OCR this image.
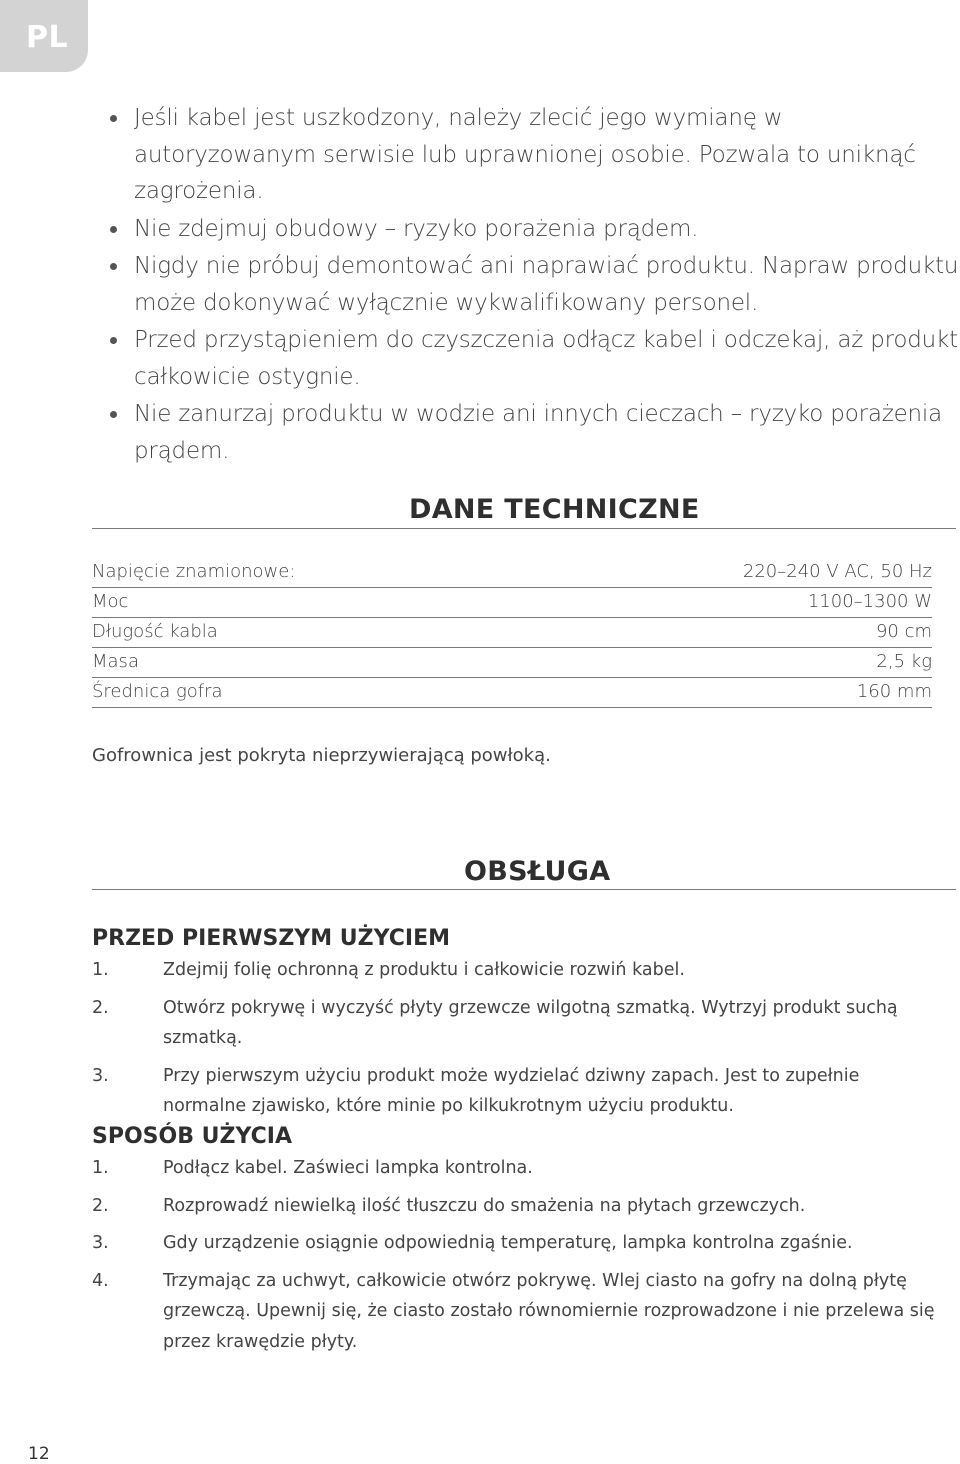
PL
Jeśli kabel jest uszkodzony, należy zlecić jego wymianę w autoryzowanym serwisie lub uprawnionej osobie. Pozwala to uniknąć zagrożenia.
Nie zdejmuj obudowy – ryzyko porażenia prądem.
Nigdy nie próbuj demontować ani naprawiać produktu. Napraw produktu może dokonywać wyłącznie wykwalifikowany personel.
Przed przystąpieniem do czyszczenia odłącz kabel i odczekaj, aż produkt całkowicie ostygnie.
Nie zanurzaj produktu w wodzie ani innych cieczach – ryzyko porażenia prądem.
DANE TECHNICZNE
Napięcie znamionowe:	220–240 V AC, 50 Hz
Moc	1100–1300 W
Długość kabla	90 cm
Masa	2,5 kg
Średnica gofra	160 mm
Gofrownica jest pokryta nieprzywierającą powłoką.
OBSŁUGA
PRZED PIERWSZYM UŻYCIEM
1.	Zdejmij folię ochronną z produktu i całkowicie rozwiń kabel.
2.	Otwórz pokrywę i wyczyść płyty grzewcze wilgotną szmatką. Wytrzyj produkt suchą szmatką.
3.	Przy pierwszym użyciu produkt może wydzielać dziwny zapach. Jest to zupełnie normalne zjawisko, które minie po kilkukrotnym użyciu produktu.
SPOSÓB UŻYCIA
1.	Podłącz kabel. Zaświeci lampka kontrolna.
2.	Rozprowadź niewielką ilość tłuszczu do smażenia na płytach grzewczych.
3.	Gdy urządzenie osiągnie odpowiednią temperaturę, lampka kontrolna zgaśnie.
4.	Trzymając za uchwyt, całkowicie otwórz pokrywę. Wlej ciasto na gofry na dolną płytę grzewczą. Upewnij się, że ciasto zostało równomiernie rozprowadzone i nie przelewa się przez krawędzie płyty.
12
